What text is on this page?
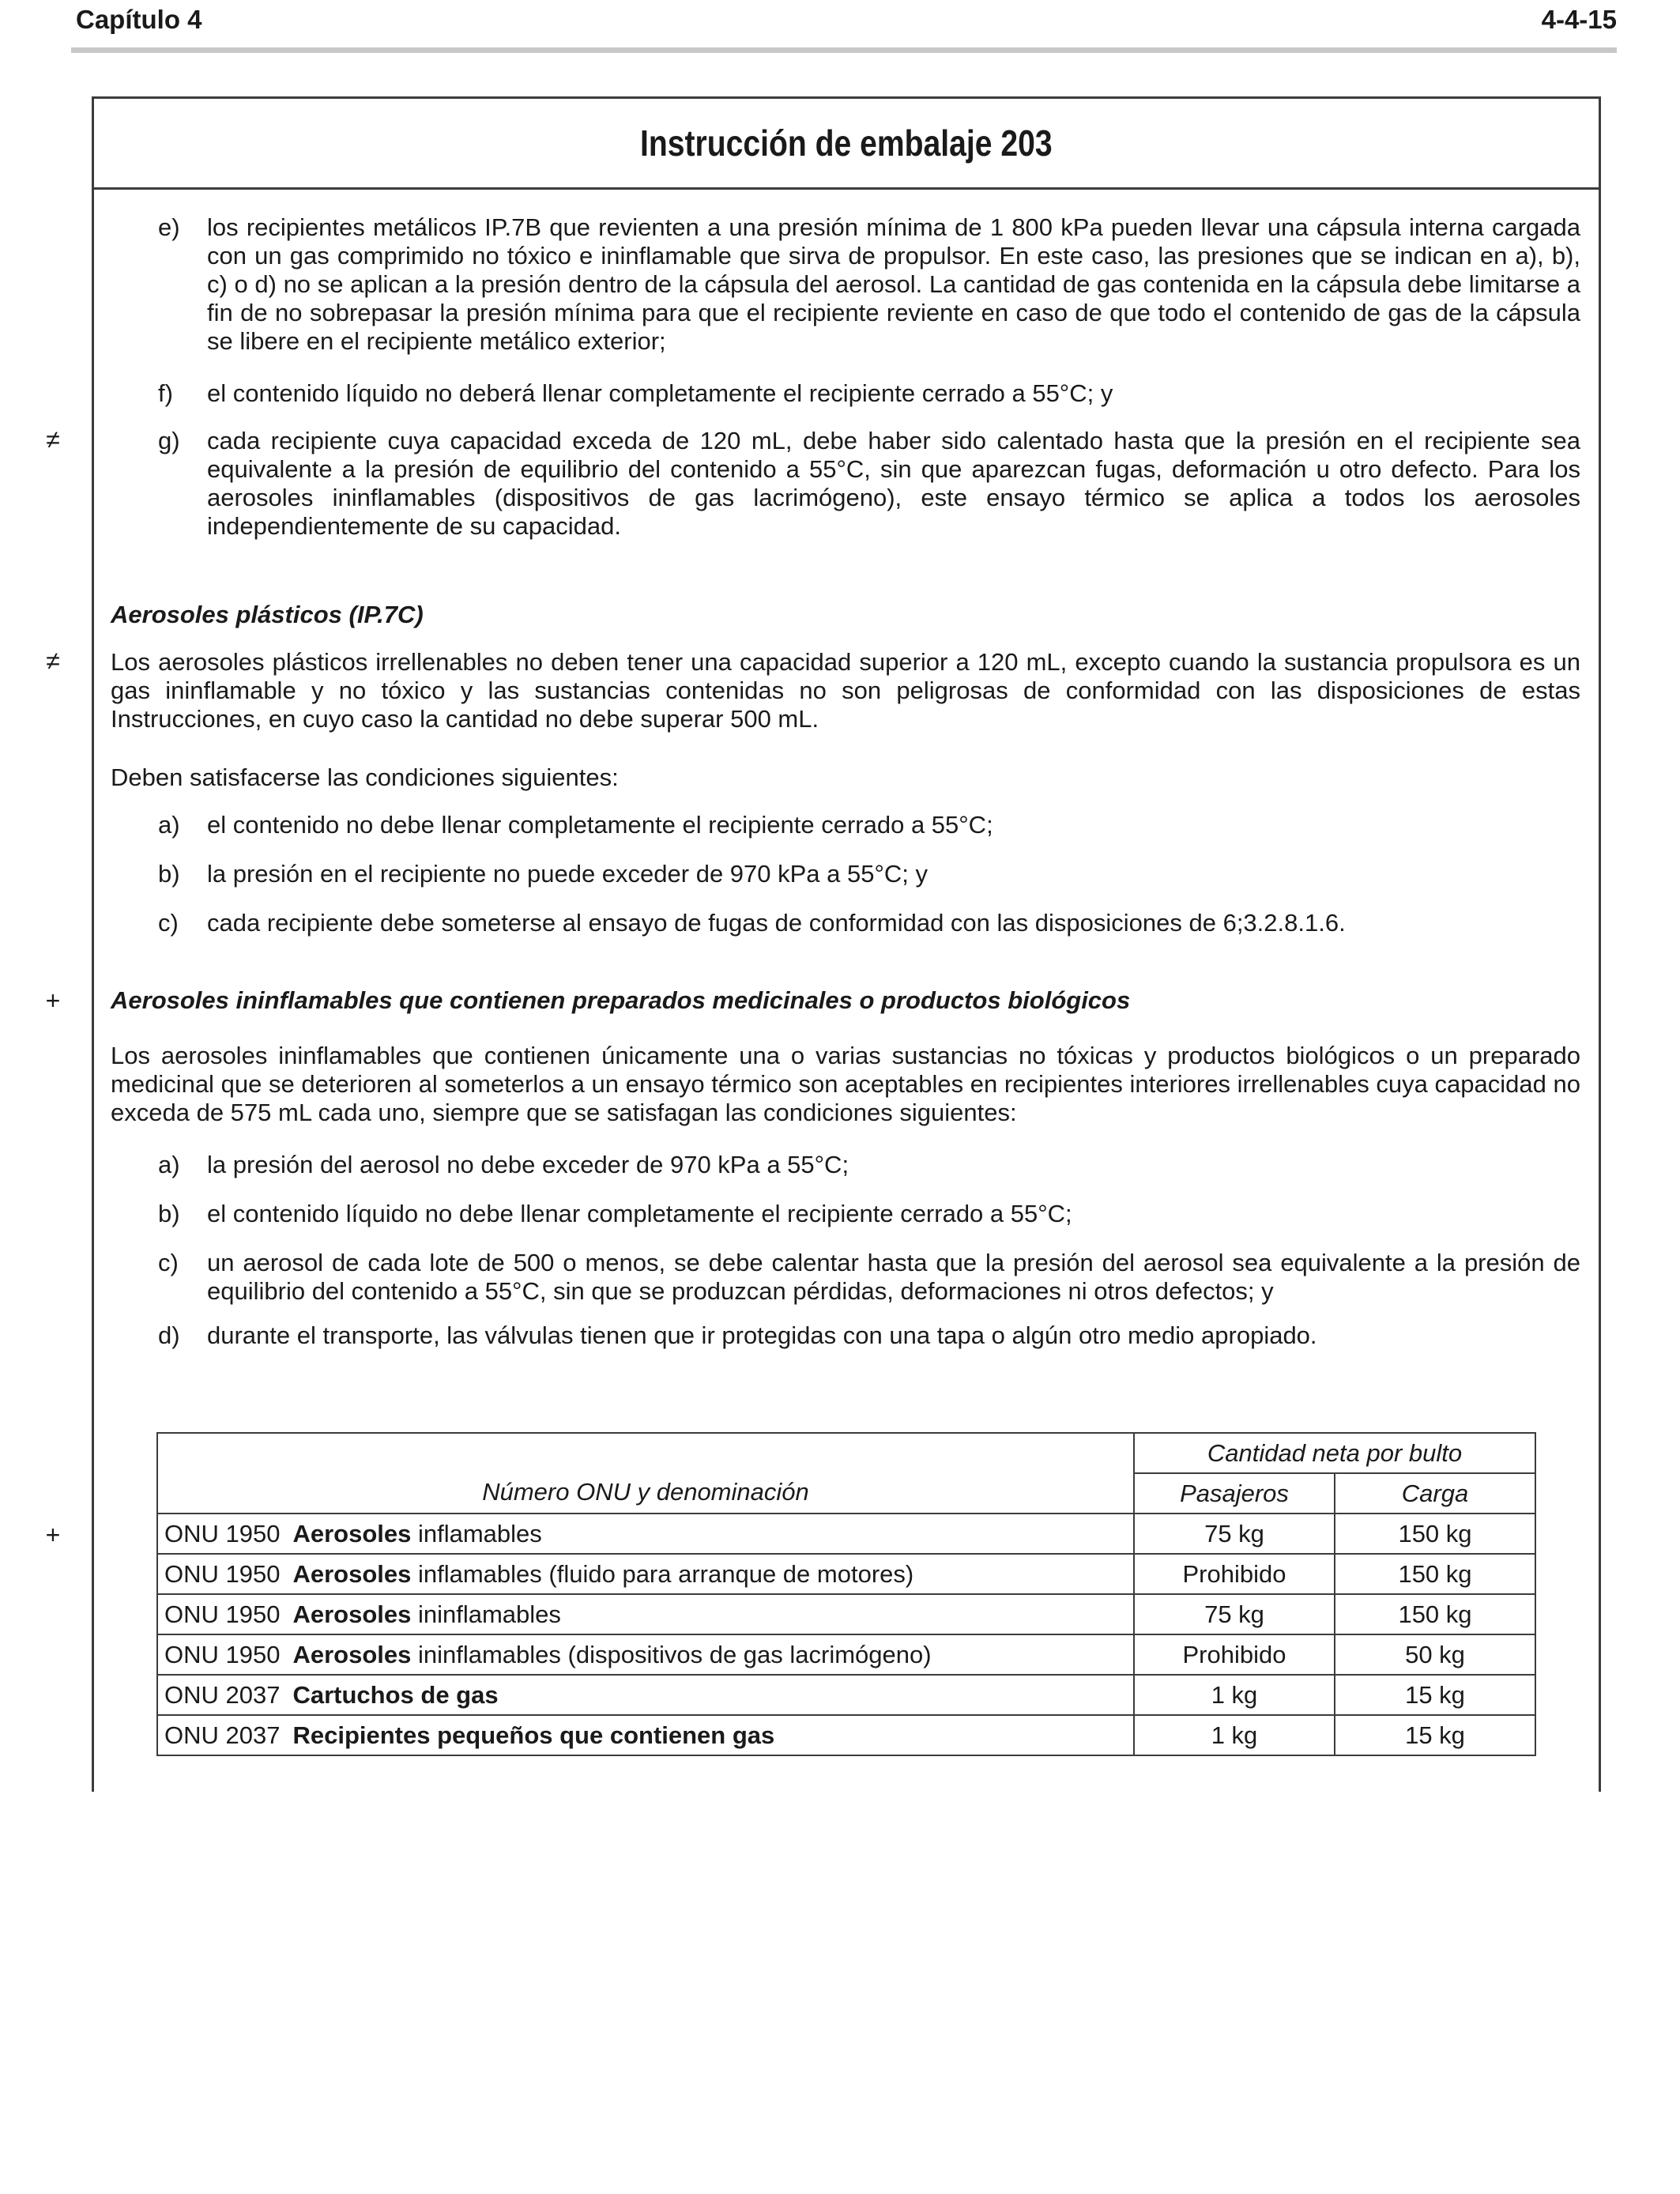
Capítulo 4	4-4-15
Instrucción de embalaje 203
≠
≠
+
+
e)	los recipientes metálicos IP.7B que revienten a una presión mínima de 1 800 kPa pueden llevar una cápsula interna cargada con un gas comprimido no tóxico e ininflamable que sirva de propulsor. En este caso, las presiones que se indican en a), b), c) o d) no se aplican a la presión dentro de la cápsula del aerosol. La cantidad de gas contenida en la cápsula debe limitarse a fin de no sobrepasar la presión mínima para que el recipiente reviente en caso de que todo el contenido de gas de la cápsula se libere en el recipiente metálico exterior;
f)	el contenido líquido no deberá llenar completamente el recipiente cerrado a 55°C; y
g)	cada recipiente cuya capacidad exceda de 120 mL, debe haber sido calentado hasta que la presión en el recipiente sea equivalente a la presión de equilibrio del contenido a 55°C, sin que aparezcan fugas, deformación u otro defecto. Para los aerosoles ininflamables (dispositivos de gas lacrimógeno), este ensayo térmico se aplica a todos los aerosoles independientemente de su capacidad.
Aerosoles plásticos (IP.7C)
Los aerosoles plásticos irrellenables no deben tener una capacidad superior a 120 mL, excepto cuando la sustancia propulsora es un gas ininflamable y no tóxico y las sustancias contenidas no son peligrosas de conformidad con las disposiciones de estas Instrucciones, en cuyo caso la cantidad no debe superar 500 mL.
Deben satisfacerse las condiciones siguientes:
a)	el contenido no debe llenar completamente el recipiente cerrado a 55°C;
b)	la presión en el recipiente no puede exceder de 970 kPa a 55°C; y
c)	cada recipiente debe someterse al ensayo de fugas de conformidad con las disposiciones de 6;3.2.8.1.6.
Aerosoles ininflamables que contienen preparados medicinales o productos biológicos
Los aerosoles ininflamables que contienen únicamente una o varias sustancias no tóxicas y productos biológicos o un preparado medicinal que se deterioren al someterlos a un ensayo térmico son aceptables en recipientes interiores irrellenables cuya capacidad no exceda de 575 mL cada uno, siempre que se satisfagan las condiciones siguientes:
a)	la presión del aerosol no debe exceder de 970 kPa a 55°C;
b)	el contenido líquido no debe llenar completamente el recipiente cerrado a 55°C;
c)	un aerosol de cada lote de 500 o menos, se debe calentar hasta que la presión del aerosol sea equivalente a la presión de equilibrio del contenido a 55°C, sin que se produzcan pérdidas, deformaciones ni otros defectos; y
d)	durante el transporte, las válvulas tienen que ir protegidas con una tapa o algún otro medio apropiado.
Número ONU y denominación	Cantidad neta por bulto	
	Pasajeros	Carga
ONU 1950 Aerosoles inflamables	75 kg	150 kg
ONU 1950 Aerosoles inflamables (fluido para arranque de motores)	Prohibido	150 kg
ONU 1950 Aerosoles ininflamables	75 kg	150 kg
ONU 1950 Aerosoles ininflamables (dispositivos de gas lacrimógeno)	Prohibido	50 kg
ONU 2037 Cartuchos de gas	1 kg	15 kg
ONU 2037 Recipientes pequeños que contienen gas	1 kg	15 kg
